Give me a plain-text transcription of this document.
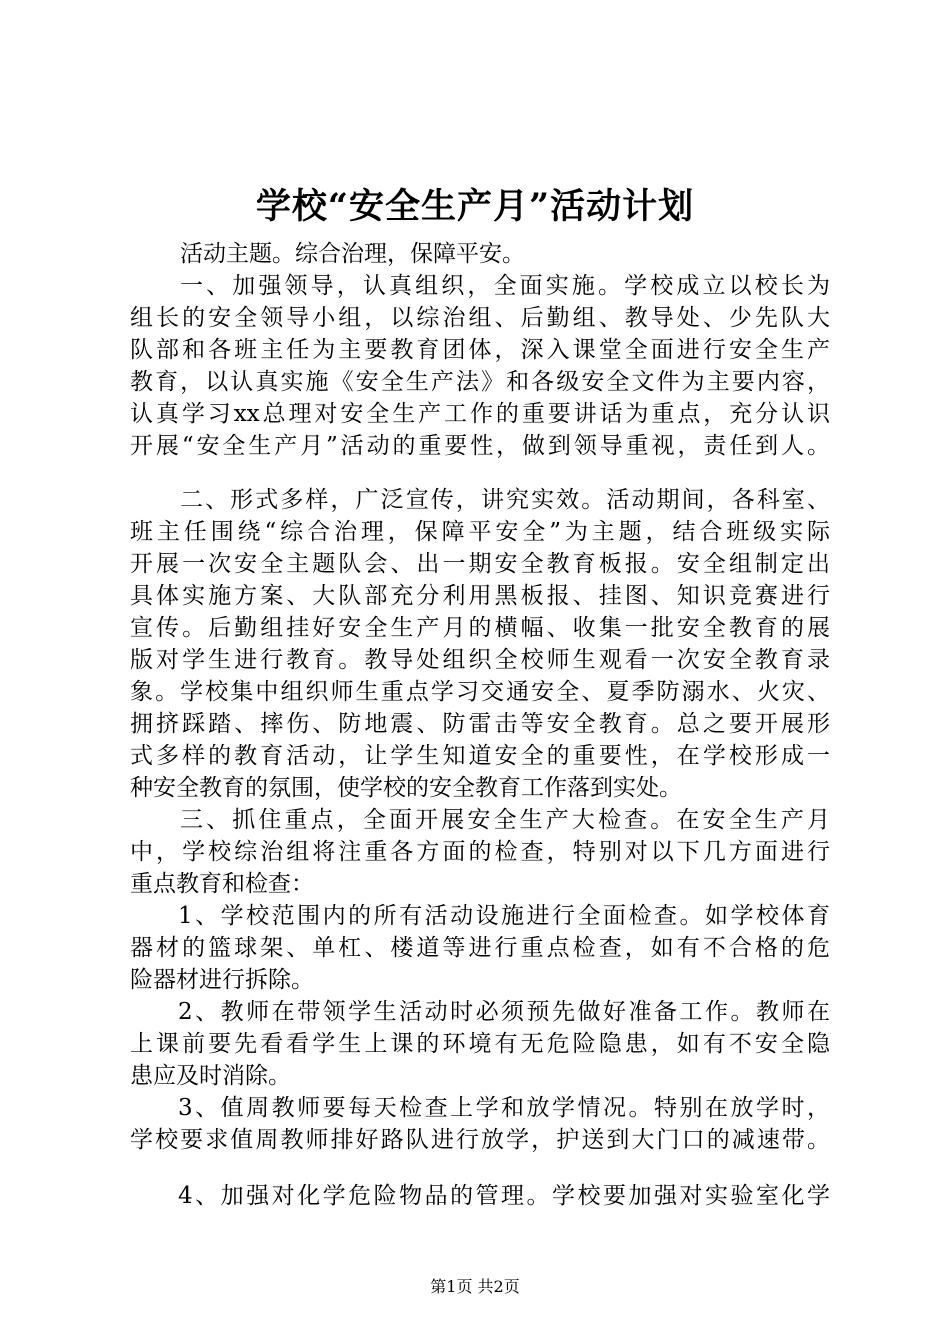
学校“安全生产月”活动计划
活动主题。综合治理，保障平安。
一、加强领导，认真组织，全面实施。学校成立以校长为
组长的安全领导小组，以综治组、后勤组、教导处、少先队大
队部和各班主任为主要教育团体，深入课堂全面进行安全生产
教育，以认真实施《安全生产法》和各级安全文件为主要内容，
认真学习xx总理对安全生产工作的重要讲话为重点，充分认识
开展“安全生产月”活动的重要性，做到领导重视，责任到人。
二、形式多样，广泛宣传，讲究实效。活动期间，各科室、
班主任围绕“综合治理，保障平安全”为主题，结合班级实际
开展一次安全主题队会、出一期安全教育板报。安全组制定出
具体实施方案、大队部充分利用黑板报、挂图、知识竞赛进行
宣传。后勤组挂好安全生产月的横幅、收集一批安全教育的展
版对学生进行教育。教导处组织全校师生观看一次安全教育录
象。学校集中组织师生重点学习交通安全、夏季防溺水、火灾、
拥挤踩踏、摔伤、防地震、防雷击等安全教育。总之要开展形
式多样的教育活动，让学生知道安全的重要性，在学校形成一
种安全教育的氛围，使学校的安全教育工作落到实处。
三、抓住重点，全面开展安全生产大检查。在安全生产月
中，学校综治组将注重各方面的检查，特别对以下几方面进行
重点教育和检查：
1、学校范围内的所有活动设施进行全面检查。如学校体育
器材的篮球架、单杠、楼道等进行重点检查，如有不合格的危
险器材进行拆除。
2、教师在带领学生活动时必须预先做好准备工作。教师在
上课前要先看看学生上课的环境有无危险隐患，如有不安全隐
患应及时消除。
3、值周教师要每天检查上学和放学情况。特别在放学时，
学校要求值周教师排好路队进行放学，护送到大门口的减速带。
4、加强对化学危险物品的管理。学校要加强对实验室化学
第1页 共2页
